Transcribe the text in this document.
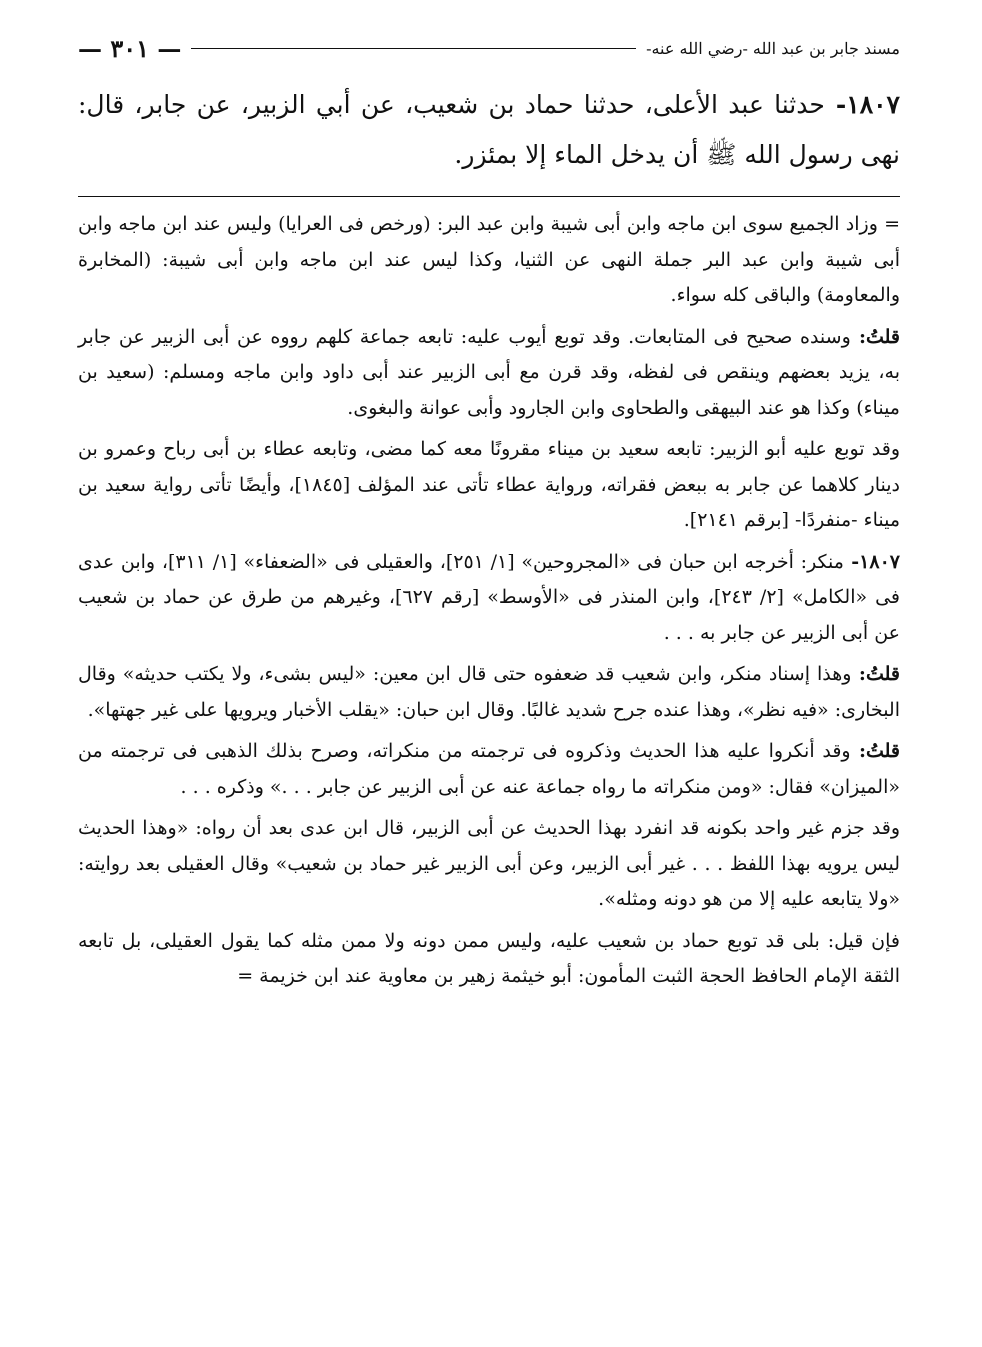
مسند جابر بن عبد الله -رضي الله عنه-
— ٣٠١ —
١٨٠٧- حدثنا عبد الأعلى، حدثنا حماد بن شعيب، عن أبي الزبير، عن جابر، قال: نهى رسول الله ﷺ أن يدخل الماء إلا بمئزر.

= وزاد الجميع سوى ابن ماجه وابن أبى شيبة وابن عبد البر: (ورخص فى العرايا) وليس عند ابن ماجه وابن أبى شيبة وابن عبد البر جملة النهى عن الثنيا، وكذا ليس عند ابن ماجه وابن أبى شيبة: (المخابرة والمعاومة) والباقى كله سواء.

قلتُ: وسنده صحيح فى المتابعات. وقد توبع أيوب عليه: تابعه جماعة كلهم رووه عن أبى الزبير عن جابر به، يزيد بعضهم وينقص فى لفظه، وقد قرن مع أبى الزبير عند أبى داود وابن ماجه ومسلم: (سعيد بن ميناء) وكذا هو عند البيهقى والطحاوى وابن الجارود وأبى عوانة والبغوى.

وقد توبع عليه أبو الزبير: تابعه سعيد بن ميناء مقرونًا معه كما مضى، وتابعه عطاء بن أبى رباح وعمرو بن دينار كلاهما عن جابر به ببعض فقراته، ورواية عطاء تأتى عند المؤلف [١٨٤٥]، وأيضًا تأتى رواية سعيد بن ميناء -منفردًا- [برقم ٢١٤١].

١٨٠٧- منكر: أخرجه ابن حبان فى «المجروحين» [١/ ٢٥١]، والعقيلى فى «الضعفاء» [١/ ٣١١]، وابن عدى فى «الكامل» [٢/ ٢٤٣]، وابن المنذر فى «الأوسط» [رقم ٦٢٧]، وغيرهم من طرق عن حماد بن شعيب عن أبى الزبير عن جابر به . . .

قلتُ: وهذا إسناد منكر، وابن شعيب قد ضعفوه حتى قال ابن معين: «ليس بشىء، ولا يكتب حديثه» وقال البخارى: «فيه نظر»، وهذا عنده جرح شديد غالبًا. وقال ابن حبان: «يقلب الأخبار ويرويها على غير جهتها».

قلتُ: وقد أنكروا عليه هذا الحديث وذكروه فى ترجمته من منكراته، وصرح بذلك الذهبى فى ترجمته من «الميزان» فقال: «ومن منكراته ما رواه جماعة عنه عن أبى الزبير عن جابر . . .» وذكره . . .

وقد جزم غير واحد بكونه قد انفرد بهذا الحديث عن أبى الزبير، قال ابن عدى بعد أن رواه: «وهذا الحديث ليس يرويه بهذا اللفظ . . . غير أبى الزبير، وعن أبى الزبير غير حماد بن شعيب» وقال العقيلى بعد روايته: «ولا يتابعه عليه إلا من هو دونه ومثله».

فإن قيل: بلى قد توبع حماد بن شعيب عليه، وليس ممن دونه ولا ممن مثله كما يقول العقيلى، بل تابعه الثقة الإمام الحافظ الحجة الثبت المأمون: أبو خيثمة زهير بن معاوية عند ابن خزيمة =
